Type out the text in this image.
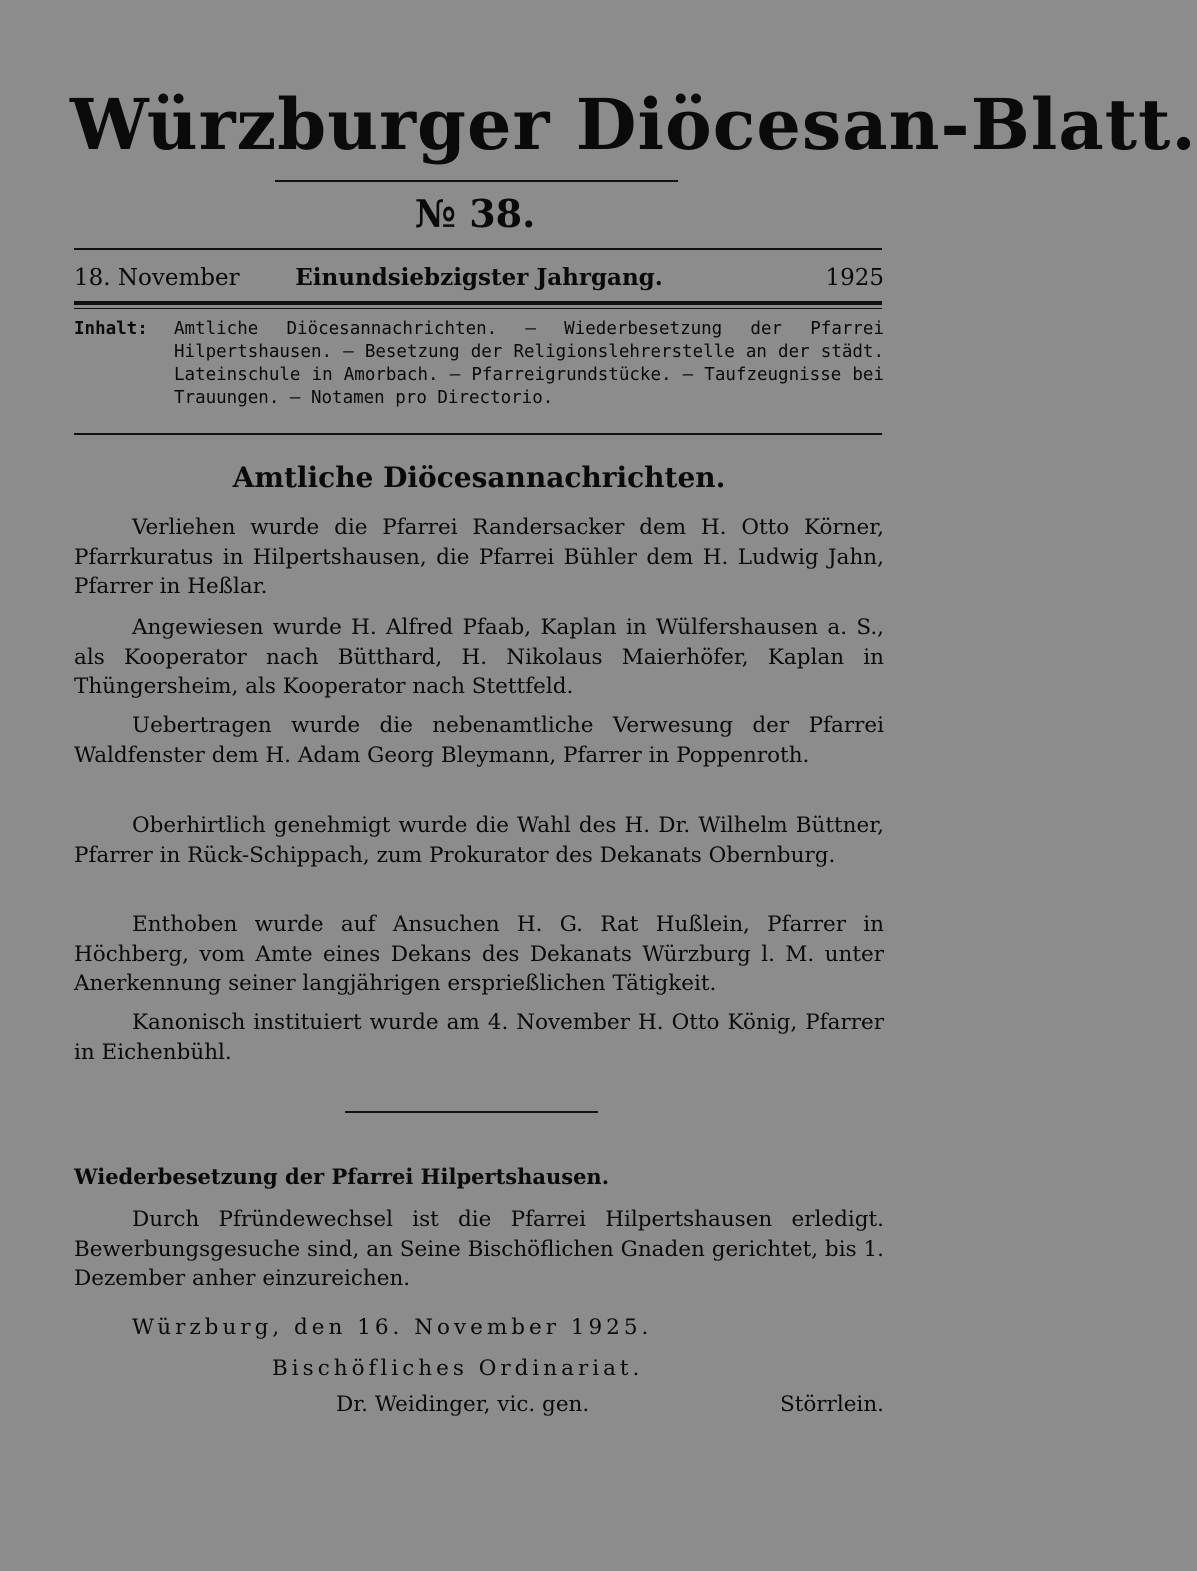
Würzburger Diöcesan-Blatt.
№ 38.
18. November	Einundsiebzigster Jahrgang.	1925
Inhalt: Amtliche Diöcesannachrichten. — Wiederbesetzung der Pfarrei Hilpertshausen. — Besetzung der Religionslehrerstelle an der städt. Lateinschule in Amorbach. — Pfarreigrundstücke. — Taufzeugnisse bei Trauungen. — Notamen pro Directorio.
Amtliche Diöcesannachrichten.
Verliehen wurde die Pfarrei Randersacker dem H. Otto Körner, Pfarrkuratus in Hilpertshausen, die Pfarrei Bühler dem H. Ludwig Jahn, Pfarrer in Heßlar.
Angewiesen wurde H. Alfred Pfaab, Kaplan in Wülfershausen a. S., als Kooperator nach Bütthard, H. Nikolaus Maierhöfer, Kaplan in Thüngersheim, als Kooperator nach Stettfeld.
Uebertragen wurde die nebenamtliche Verwesung der Pfarrei Waldfenster dem H. Adam Georg Bleymann, Pfarrer in Poppenroth.
Oberhirtlich genehmigt wurde die Wahl des H. Dr. Wilhelm Büttner, Pfarrer in Rück-Schippach, zum Prokurator des Dekanats Obernburg.
Enthoben wurde auf Ansuchen H. G. Rat Hußlein, Pfarrer in Höchberg, vom Amte eines Dekans des Dekanats Würzburg l. M. unter Anerkennung seiner langjährigen ersprießlichen Tätigkeit.
Kanonisch instituiert wurde am 4. November H. Otto König, Pfarrer in Eichenbühl.
Wiederbesetzung der Pfarrei Hilpertshausen.
Durch Pfründewechsel ist die Pfarrei Hilpertshausen erledigt. Bewerbungsgesuche sind, an Seine Bischöflichen Gnaden gerichtet, bis 1. Dezember anher einzureichen.
Würzburg, den 16. November 1925.
Bischöfliches Ordinariat.
Dr. Weidinger, vic. gen.	Störrlein.
